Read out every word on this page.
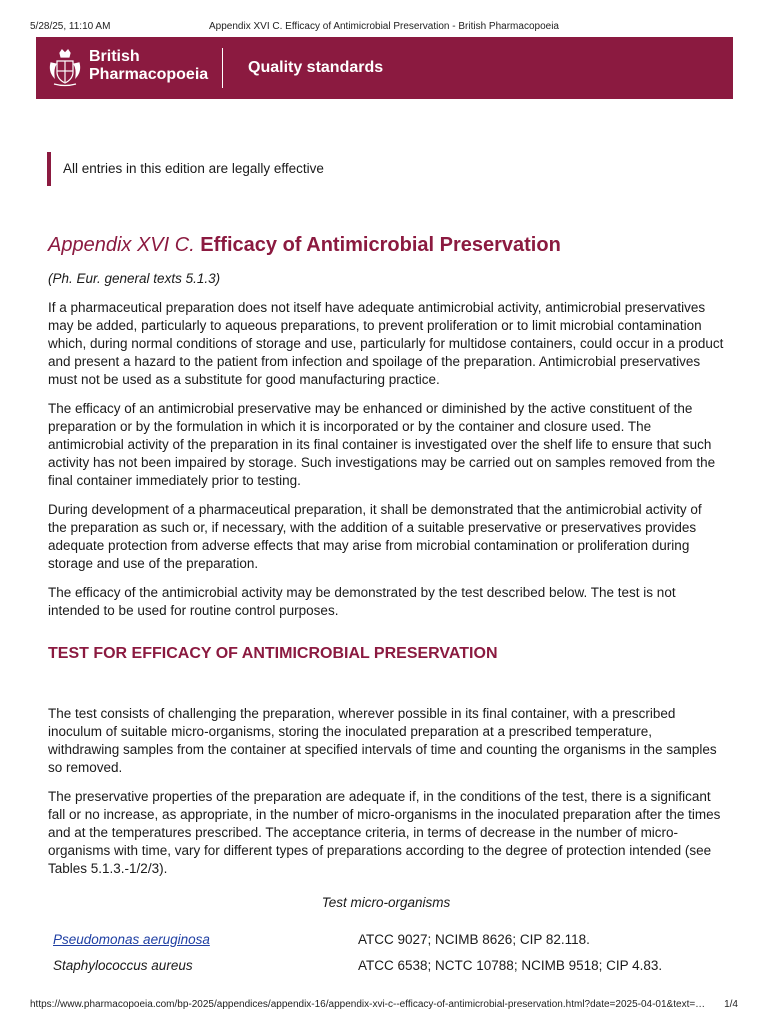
5/28/25, 11:10 AM	Appendix XVI C. Efficacy of Antimicrobial Preservation - British Pharmacopoeia
British
Pharmacopoeia Quality standards
All entries in this edition are legally effective
Appendix XVI C. Efficacy of Antimicrobial Preservation
(Ph. Eur. general texts 5.1.3)

If a pharmaceutical preparation does not itself have adequate antimicrobial activity, antimicrobial preservatives may be added, particularly to aqueous preparations, to prevent proliferation or to limit microbial contamination which, during normal conditions of storage and use, particularly for multidose containers, could occur in a product and present a hazard to the patient from infection and spoilage of the preparation. Antimicrobial preservatives must not be used as a substitute for good manufacturing practice.

The efficacy of an antimicrobial preservative may be enhanced or diminished by the active constituent of the preparation or by the formulation in which it is incorporated or by the container and closure used. The antimicrobial activity of the preparation in its final container is investigated over the shelf life to ensure that such activity has not been impaired by storage. Such investigations may be carried out on samples removed from the final container immediately prior to testing.

During development of a pharmaceutical preparation, it shall be demonstrated that the antimicrobial activity of the preparation as such or, if necessary, with the addition of a suitable preservative or preservatives provides adequate protection from adverse effects that may arise from microbial contamination or proliferation during storage and use of the preparation.

The efficacy of the antimicrobial activity may be demonstrated by the test described below. The test is not intended to be used for routine control purposes.

TEST FOR EFFICACY OF ANTIMICROBIAL PRESERVATION

The test consists of challenging the preparation, wherever possible in its final container, with a prescribed inoculum of suitable micro-organisms, storing the inoculated preparation at a prescribed temperature, withdrawing samples from the container at specified intervals of time and counting the organisms in the samples so removed.

The preservative properties of the preparation are adequate if, in the conditions of the test, there is a significant fall or no increase, as appropriate, in the number of micro-organisms in the inoculated preparation after the times and at the temperatures prescribed. The acceptance criteria, in terms of decrease in the number of micro-organisms with time, vary for different types of preparations according to the degree of protection intended (see Tables 5.1.3.-1/2/3).

Test micro-organisms
Pseudomonas aeruginosa	ATCC 9027; NCIMB 8626; CIP 82.118.
Staphylococcus aureus	ATCC 6538; NCTC 10788; NCIMB 9518; CIP 4.83.
https://www.pharmacopoeia.com/bp-2025/appendices/appendix-16/appendix-xvi-c--efficacy-of-antimicrobial-preservation.html?date=2025-04-01&text=… 1/4
